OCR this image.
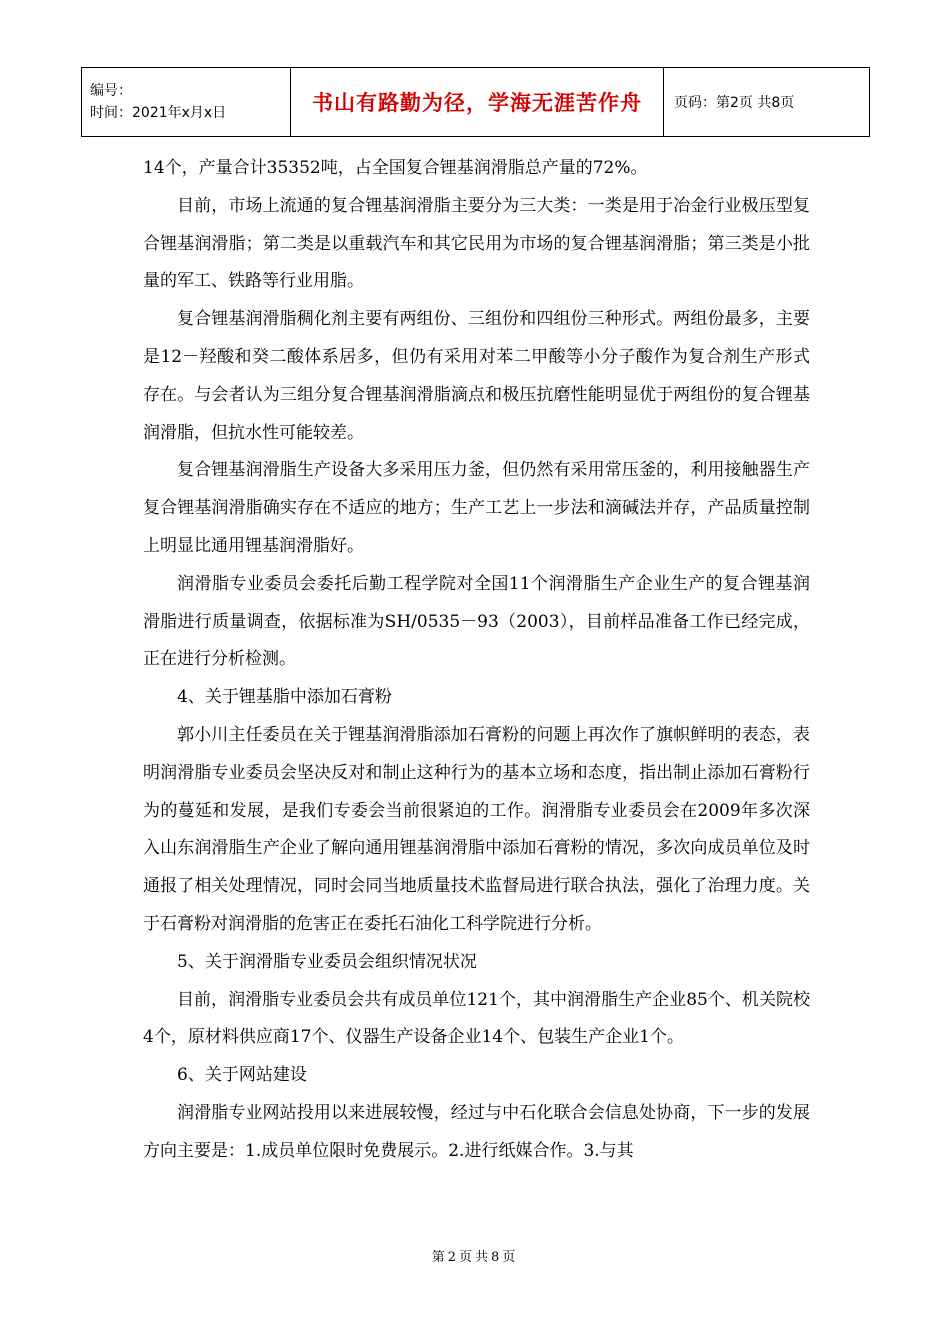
编号：
时间：2021年x月x日	书山有路勤为径，学海无涯苦作舟	页码：第2页 共8页

14个，产量合计35352吨，占全国复合锂基润滑脂总产量的72%。

目前，市场上流通的复合锂基润滑脂主要分为三大类：一类是用于冶金行业极压型复合锂基润滑脂；第二类是以重载汽车和其它民用为市场的复合锂基润滑脂；第三类是小批量的军工、铁路等行业用脂。

复合锂基润滑脂稠化剂主要有两组份、三组份和四组份三种形式。两组份最多，主要是12－羟酸和癸二酸体系居多，但仍有采用对苯二甲酸等小分子酸作为复合剂生产形式存在。与会者认为三组分复合锂基润滑脂滴点和极压抗磨性能明显优于两组份的复合锂基润滑脂，但抗水性可能较差。

复合锂基润滑脂生产设备大多采用压力釜，但仍然有采用常压釜的，利用接触器生产复合锂基润滑脂确实存在不适应的地方；生产工艺上一步法和滴碱法并存，产品质量控制上明显比通用锂基润滑脂好。

润滑脂专业委员会委托后勤工程学院对全国11个润滑脂生产企业生产的复合锂基润滑脂进行质量调查，依据标准为SH/0535－93（2003），目前样品准备工作已经完成，正在进行分析检测。

4、关于锂基脂中添加石膏粉

郭小川主任委员在关于锂基润滑脂添加石膏粉的问题上再次作了旗帜鲜明的表态，表明润滑脂专业委员会坚决反对和制止这种行为的基本立场和态度，指出制止添加石膏粉行为的蔓延和发展，是我们专委会当前很紧迫的工作。润滑脂专业委员会在2009年多次深入山东润滑脂生产企业了解向通用锂基润滑脂中添加石膏粉的情况，多次向成员单位及时通报了相关处理情况，同时会同当地质量技术监督局进行联合执法，强化了治理力度。关于石膏粉对润滑脂的危害正在委托石油化工科学院进行分析。

5、关于润滑脂专业委员会组织情况状况

目前，润滑脂专业委员会共有成员单位121个，其中润滑脂生产企业85个、机关院校4个，原材料供应商17个、仪器生产设备企业14个、包装生产企业1个。

6、关于网站建设

润滑脂专业网站投用以来进展较慢，经过与中石化联合会信息处协商，下一步的发展方向主要是：1.成员单位限时免费展示。2.进行纸媒合作。3.与其

第2页共8页
